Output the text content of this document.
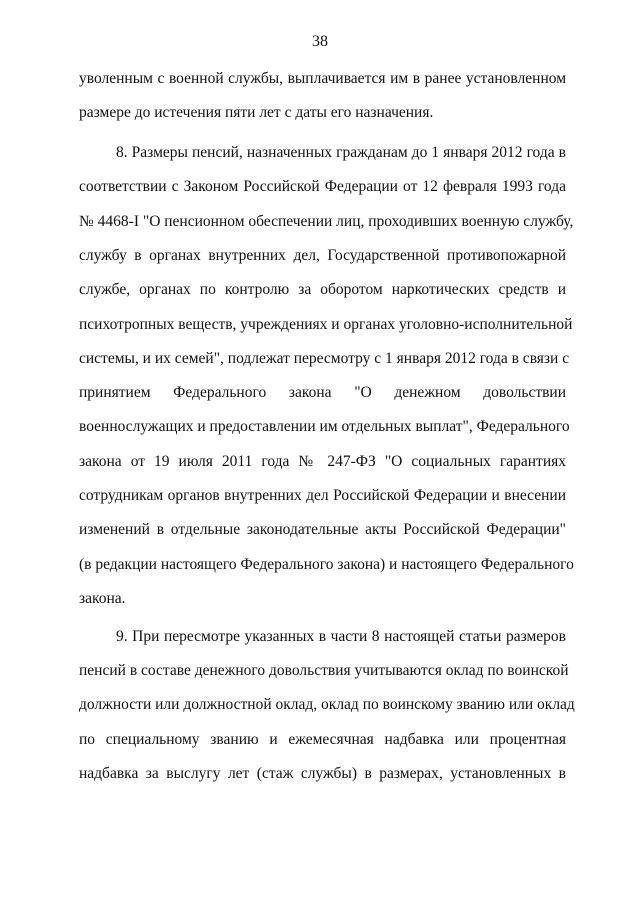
38
уволенным с военной службы, выплачивается им в ранее установленном
размере до истечения пяти лет с даты его назначения.
8. Размеры пенсий, назначенных гражданам до 1 января 2012 года в
соответствии с Законом Российской Федерации от 12 февраля 1993 года
№ 4468-I "О пенсионном обеспечении лиц, проходивших военную службу,
службу в органах внутренних дел, Государственной противопожарной
службе, органах по контролю за оборотом наркотических средств и
психотропных веществ, учреждениях и органах уголовно-исполнительной
системы, и их семей", подлежат пересмотру с 1 января 2012 года в связи с
принятием Федерального закона "О денежном довольствии
военнослужащих и предоставлении им отдельных выплат", Федерального
закона от 19 июля 2011 года № 247-ФЗ "О социальных гарантиях
сотрудникам органов внутренних дел Российской Федерации и внесении
изменений в отдельные законодательные акты Российской Федерации"
(в редакции настоящего Федерального закона) и настоящего Федерального
закона.
9. При пересмотре указанных в части 8 настоящей статьи размеров
пенсий в составе денежного довольствия учитываются оклад по воинской
должности или должностной оклад, оклад по воинскому званию или оклад
по специальному званию и ежемесячная надбавка или процентная
надбавка за выслугу лет (стаж службы) в размерах, установленных в
